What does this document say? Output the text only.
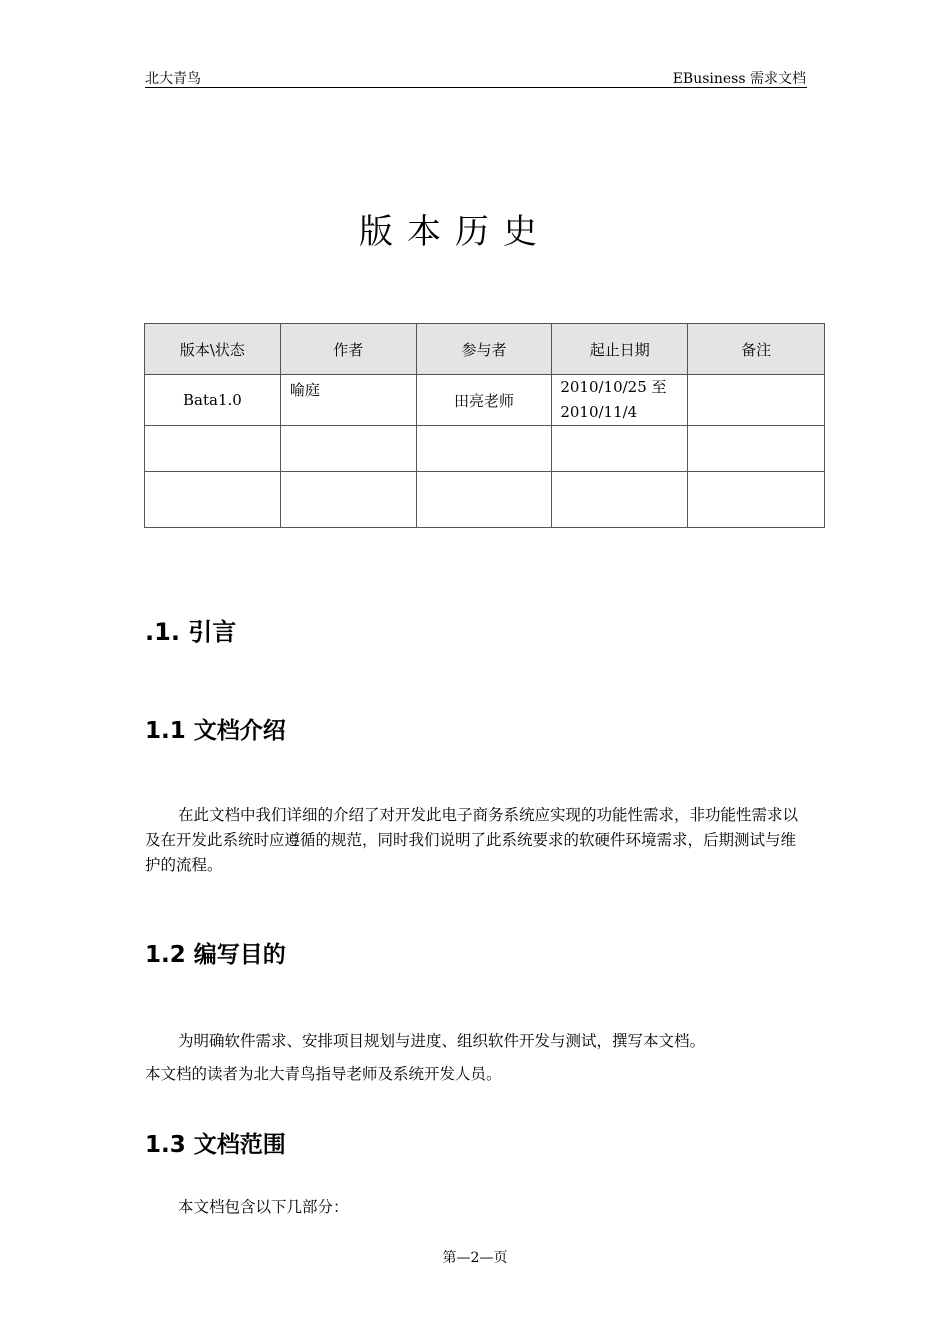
北大青鸟	EBusiness 需求文档
版本历史
版本\状态	作者	参与者	起止日期	备注
Bata1.0	喻庭	田亮老师	2010/10/25 至
2010/11/4	

.1. 引言
1.1 文档介绍
在此文档中我们详细的介绍了对开发此电子商务系统应实现的功能性需求，非功能性需求以及在开发此系统时应遵循的规范，同时我们说明了此系统要求的软硬件环境需求，后期测试与维护的流程。
1.2 编写目的
为明确软件需求、安排项目规划与进度、组织软件开发与测试，撰写本文档。
本文档的读者为北大青鸟指导老师及系统开发人员。
1.3 文档范围
本文档包含以下几部分：
第—2—页
